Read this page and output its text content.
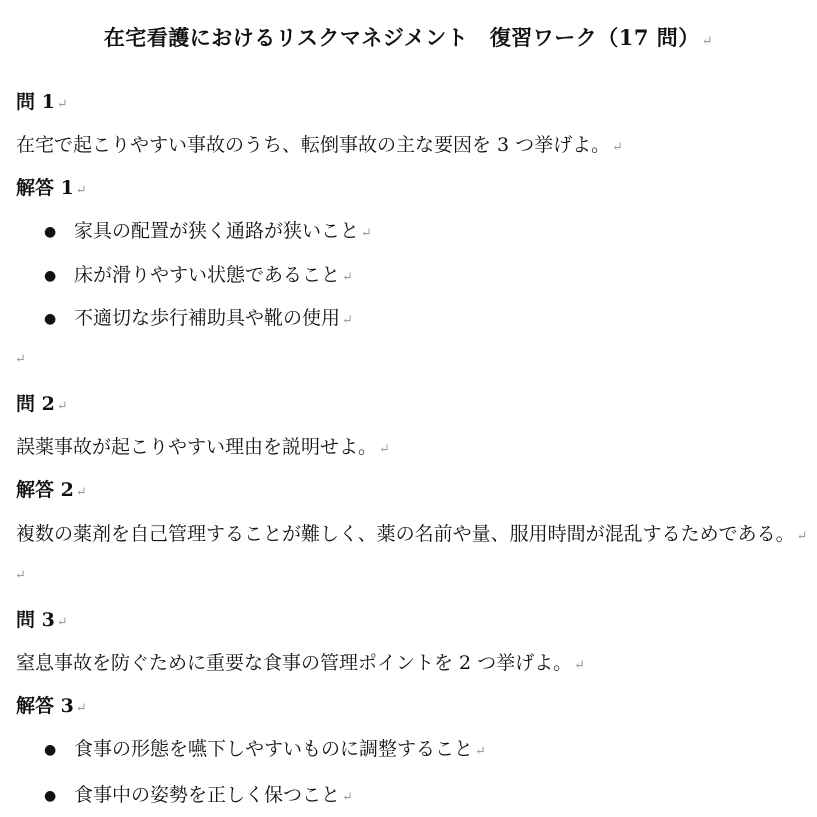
在宅看護におけるリスクマネジメント　復習ワーク（17 問） ↵
問 1 ↵
在宅で起こりやすい事故のうち、転倒事故の主な要因を 3 つ挙げよ。 ↵
解答 1 ↵
● 家具の配置が狭く通路が狭いこと ↵
● 床が滑りやすい状態であること ↵
● 不適切な歩行補助具や靴の使用 ↵
↵
問 2 ↵
誤薬事故が起こりやすい理由を説明せよ。 ↵
解答 2 ↵
複数の薬剤を自己管理することが難しく、薬の名前や量、服用時間が混乱するためである。 ↵
↵
問 3 ↵
窒息事故を防ぐために重要な食事の管理ポイントを 2 つ挙げよ。 ↵
解答 3 ↵
● 食事の形態を嚥下しやすいものに調整すること ↵
● 食事中の姿勢を正しく保つこと ↵
